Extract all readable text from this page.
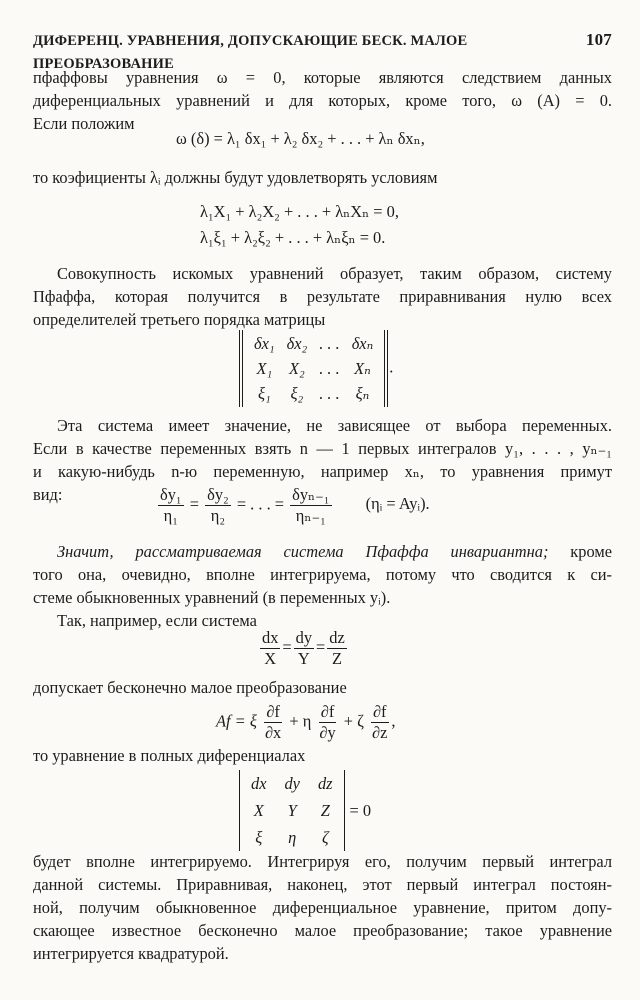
ДИФЕРЕНЦ. УРАВНЕНИЯ, ДОПУСКАЮЩИЕ БЕСК. МАЛОЕ ПРЕОБРАЗОВАНИЕ
107
пфаффовы уравнения ω = 0, которые являются следствием данных
диференциальных уравнений и для которых, кроме того, ω (A) = 0.
Если положим
ω (δ) = λ₁ δx₁ + λ₂ δx₂ + . . . + λₙ δxₙ,
то коэфициенты λᵢ должны будут удовлетворять условиям
λ₁X₁ + λ₂X₂ + . . . + λₙXₙ = 0,
λ₁ξ₁ + λ₂ξ₂ + . . . + λₙξₙ = 0.
Совокупность искомых уравнений образует, таким образом, систему
Пфаффа, которая получится в результате приравнивания нулю всех
определителей третьего порядка матрицы
δx₁ δx₂ . . . δxₙ
X₁ X₂ . . . Xₙ
ξ₁ ξ₂ . . . ξₙ
.
Эта система имеет значение, не зависящее от выбора переменных.
Если в качестве переменных взять n — 1 первых интегралов y₁, . . . , yₙ₋₁
и какую-нибудь n-ю переменную, например xₙ, то уравнения примут
вид:	$\frac{\text{δy₁}}{\text{η₁}} = \frac{\text{δy₂}}{\text{η₂}}$ = . . . = $\frac{\text{δyₙ₋₁}}{\text{ηₙ₋₁}}$ (ηᵢ = Ayᵢ).
Значит, рассматриваемая система Пфаффа инвариантна; кроме
того она, очевидно, вполне интегрируема, потому что сводится к си-
стеме обыкновенных уравнений (в переменных yᵢ).
Так, например, если система
$\frac{dx}{X} = \frac{dy}{Y} = \frac{dz}{Z}$
допускает бесконечно малое преобразование
Af = ξ $\frac{\partial f}{\partial x} + \eta \frac{\partial f}{\partial y} + \zeta \frac{\partial f}{\partial z}$ ,
то уравнение в полных диференциалах
dx dy dz
X Y Z
ξ η ζ
= 0
будет вполне интегрируемо. Интегрируя его, получим первый интеграл
данной системы. Приравнивая, наконец, этот первый интеграл постоян-
ной, получим обыкновенное диференциальное уравнение, притом допу-
скающее известное бесконечно малое преобразование; такое уравнение
интегрируется квадратурой.
